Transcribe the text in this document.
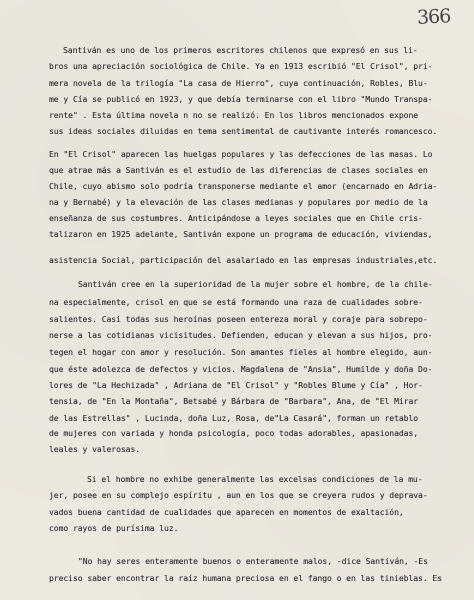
366
Santiván es uno de los primeros escritores chilenos que expresó en sus li-
bros una apreciación sociológica de Chile. Ya en 1913 escribió "El Crisol", pri-
mera novela de la trilogía "La casa de Hierro", cuya continuación, Robles, Blu-
me y Cía se publicó en 1923, y que debía terminarse con el libro "Mundo Transpa-
rente" . Esta última novela n no se realizó. En los libros mencionados expone
sus ideas sociales diluidas en tema sentimental de cautivante interés romancesco.
En "El Crisol" aparecen las huelgas populares y las defecciones de las masas. Lo
que atrae más a Santiván es el estudio de las diferencias de clases sociales en
Chile, cuyo abismo solo podría transponerse mediante el amor (encarnado en Adria-
na y Bernabé) y la elevación de las clases medianas y populares por medio de la
enseñanza de sus costumbres. Anticipándose a leyes sociales que en Chile cris-
talizaron en 1925 adelante, Santiván expone un programa de educación, viviendas,
asistencia Social, participación del asalariado en las empresas industriales,etc.
Santiván cree en la superioridad de la mujer sobre el hombre, de la chile-
na especialmente, crisol en que se está formando una raza de cualidades sobre-
salientes. Casi todas sus heroínas poseen entereza moral y coraje para sobrepo-
nerse a las cotidianas vicisitudes. Defienden, educan y elevan a sus hijos, pro-
tegen el hogar con amor y resolución. Son amantes fieles al hombre elegido, aun-
que éste adolezca de defectos y vicios. Magdalena de "Ansia", Humilde y doña Do-
lores de "La Hechizada" , Adriana de "El Crisol" y "Robles Blume y Cía" , Hor-
tensia, de "En la Montaña", Betsabé y Bárbara de "Barbara", Ana, de "El Mirar
de las Estrellas" , Lucinda, doña Luz, Rosa, de"La Casará", forman un retablo
de mujeres con variada y honda psicología, poco todas adorables, apasionadas,
leales y valerosas.
Si el hombre no exhibe generalmente las excelsas condiciones de la mu-
jer, posee en su complejo espíritu , aun en los que se creyera rudos y deprava-
vados buena cantidad de cualidades que aparecen en momentos de exaltación,
como rayos de purísima luz.
"No hay seres enteramente buenos o enteramente malos, -dice Santiván, -Es
preciso saber encontrar la raíz humana preciosa en el fango o en las tinieblas. Es
